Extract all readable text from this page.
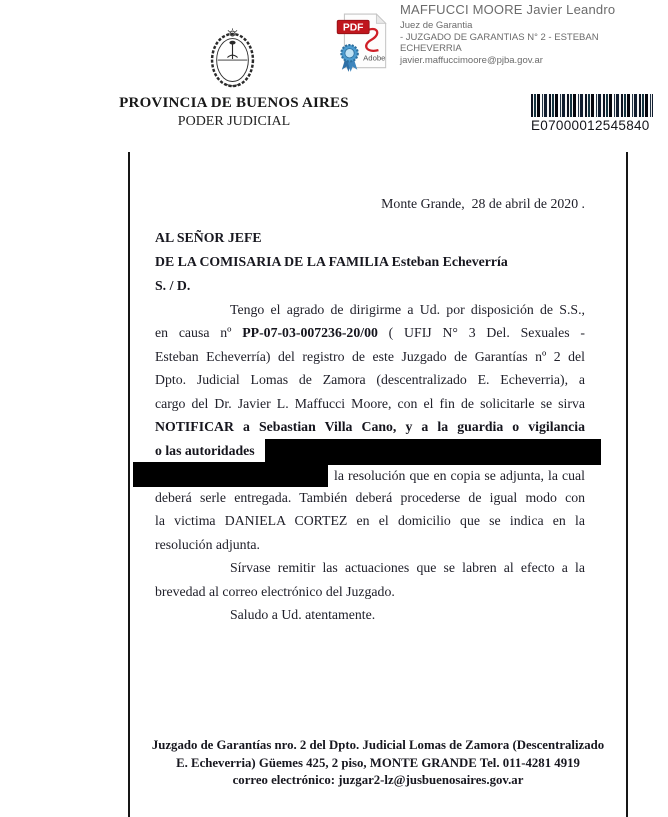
PROVINCIA DE BUENOS AIRES
PODER JUDICIAL
PDF
Adobe
MAFFUCCI MOORE Javier Leandro
Juez de Garantia
- JUZGADO DE GARANTIAS N° 2 - ESTEBAN ECHEVERRIA
javier.maffuccimoore@pjba.gov.ar
E07000012545840
Monte Grande,  28 de abril de 2020 .
AL SEÑOR JEFE
DE LA COMISARIA DE LA FAMILIA Esteban Echeverría
S. / D.
Tengo el agrado de dirigirme a Ud. por disposición de S.S.,
en causa nº PP-07-03-007236-20/00 ( UFIJ N° 3 Del. Sexuales -
Esteban Echeverría) del registro de este Juzgado de Garantías nº 2 del
Dpto. Judicial Lomas de Zamora (descentralizado E. Echeverria), a
cargo del Dr. Javier L. Maffucci Moore, con el fin de solicitarle se sirva
NOTIFICAR a Sebastian Villa Cano, y a la guardia o vigilancia
o las autoridades
la resolución que en copia se adjunta, la cual
deberá serle entregada. También deberá procederse de igual modo con
la victima DANIELA CORTEZ en el domicilio que se indica en la
resolución adjunta.
Sírvase remitir las actuaciones que se labren al efecto a la
brevedad al correo electrónico del Juzgado.
Saludo a Ud. atentamente.
Juzgado de Garantías nro. 2 del Dpto. Judicial Lomas de Zamora (Descentralizado
E. Echeverria) Güemes 425, 2 piso, MONTE GRANDE Tel. 011-4281 4919
correo electrónico: juzgar2-lz@jusbuenosaires.gov.ar
